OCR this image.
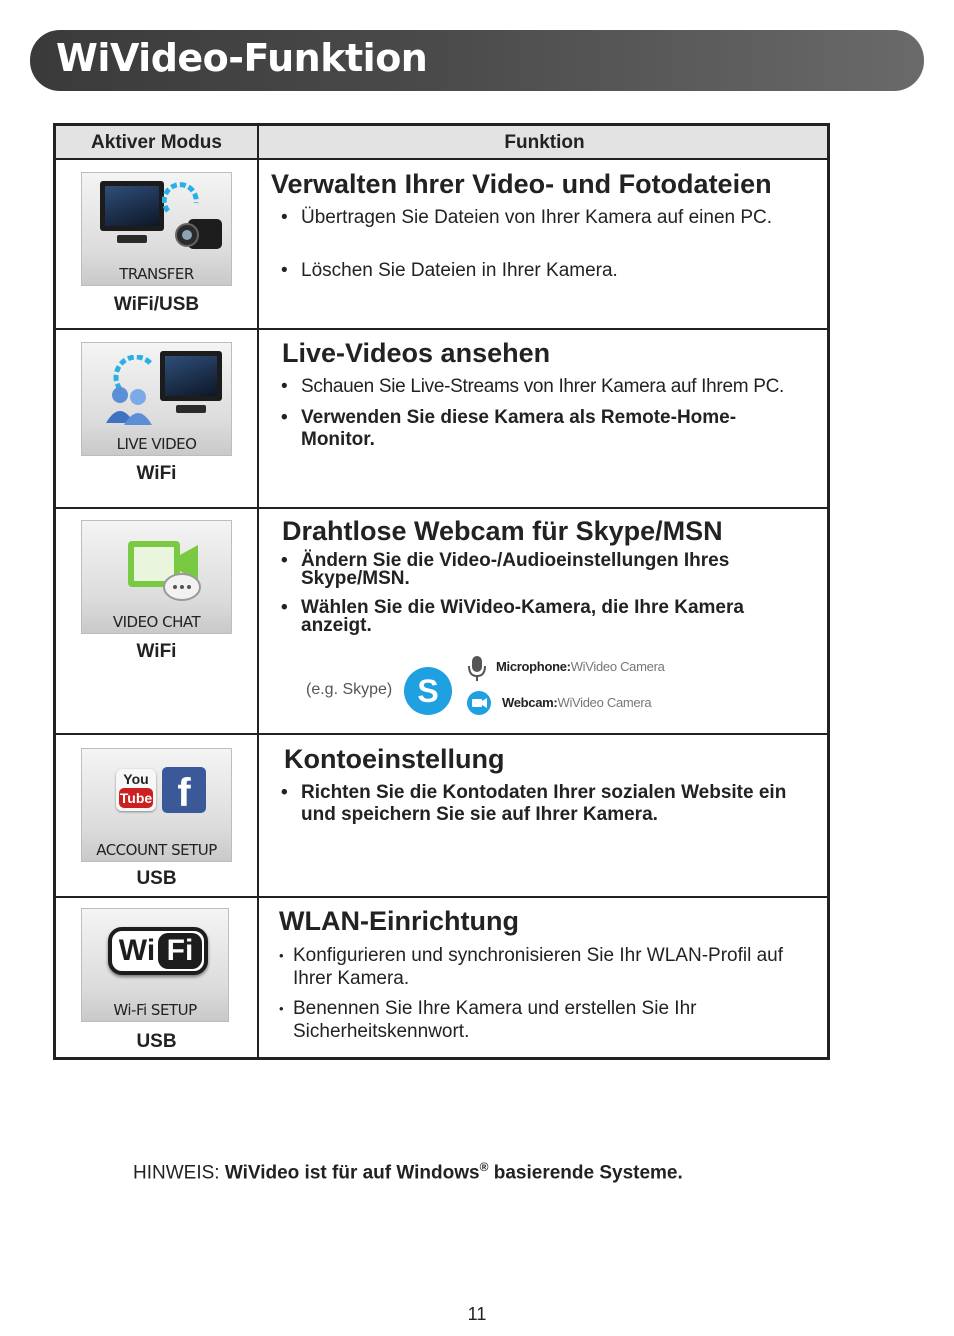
WiVideo-Funktion
Aktiver Modus	Funktion
TRANSFER
WiFi/USB
Verwalten Ihrer Video- und Fotodateien
• Übertragen Sie Dateien von Ihrer Kamera auf einen PC.
• Löschen Sie Dateien in Ihrer Kamera.
LIVE VIDEO
WiFi
Live-Videos ansehen
• Schauen Sie Live-Streams von Ihrer Kamera auf Ihrem PC.
• Verwenden Sie diese Kamera als Remote-Home-Monitor.
VIDEO CHAT
WiFi
Drahtlose Webcam für Skype/MSN
• Ändern Sie die Video-/Audioeinstellungen Ihres Skype/MSN.
• Wählen Sie die WiVideo-Kamera, die Ihre Kamera anzeigt.
(e.g. Skype) S
Microphone:WiVideo Camera
Webcam:WiVideo Camera
You
Tube f
ACCOUNT SETUP
USB
Kontoeinstellung
• Richten Sie die Kontodaten Ihrer sozialen Website ein und speichern Sie sie auf Ihrer Kamera.
Wi Fi
Wi-Fi SETUP
USB
WLAN-Einrichtung
• Konfigurieren und synchronisieren Sie Ihr WLAN-Profil auf Ihrer Kamera.
• Benennen Sie Ihre Kamera und erstellen Sie Ihr Sicherheitskennwort.
HINWEIS: WiVideo ist für auf Windows® basierende Systeme.
11
